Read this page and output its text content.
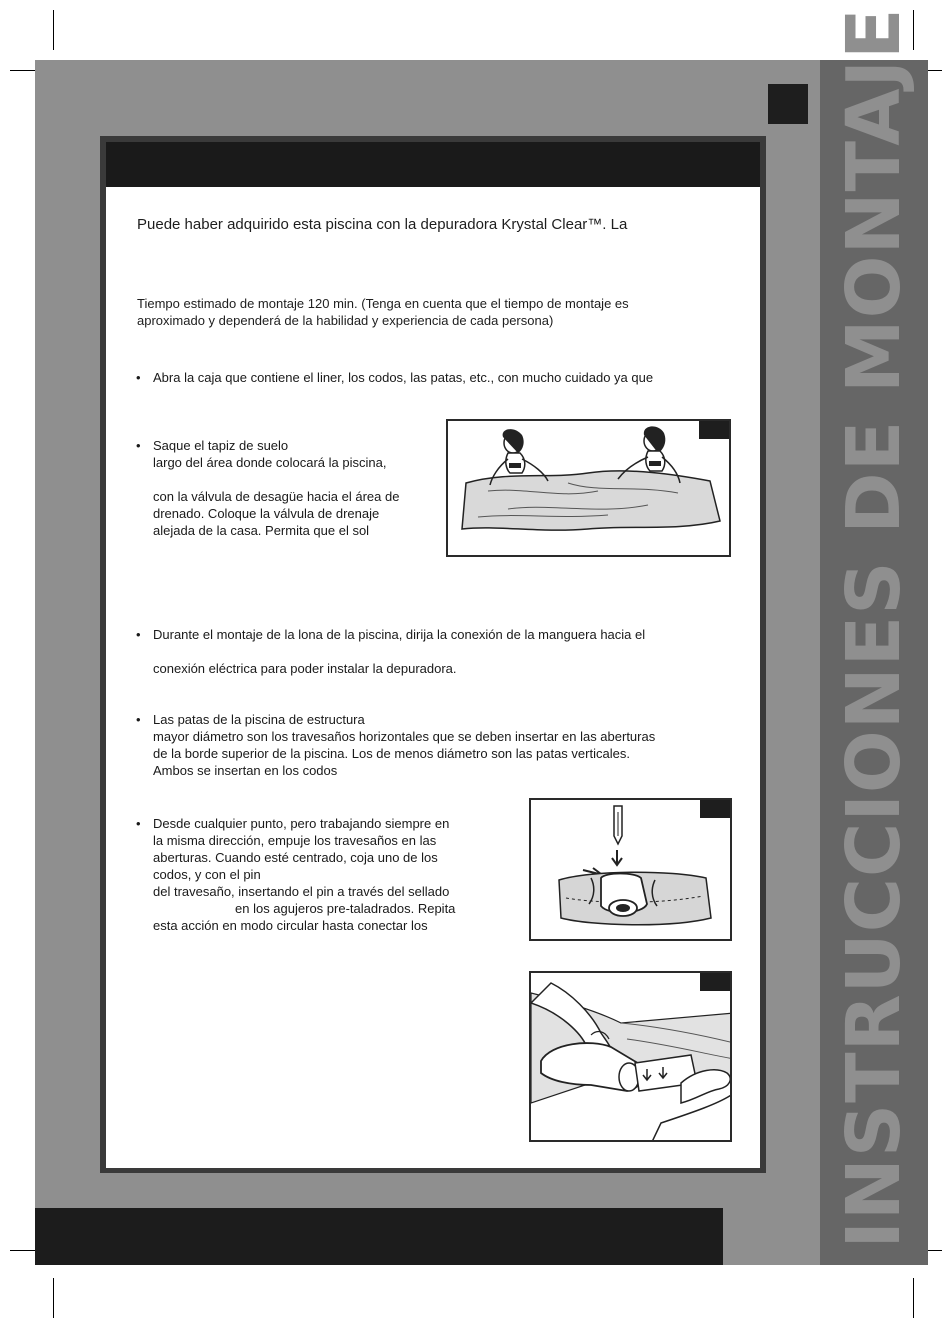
INSTRUCCIONES DE MONTAJE
Puede haber adquirido esta piscina con la depuradora Krystal Clear™. La
Tiempo estimado de montaje 120 min. (Tenga en cuenta que el tiempo de montaje es
aproximado y dependerá de la habilidad y experiencia de cada persona)
• Abra la caja que contiene el liner, los codos, las patas, etc., con mucho cuidado ya que
• Saque el tapiz de suelo
largo del área donde colocará la piscina,
con la válvula de desagüe hacia el área de
drenado. Coloque la válvula de drenaje
alejada de la casa. Permita que el sol
• Durante el montaje de la lona de la piscina, dirija la conexión de la manguera hacia el
conexión eléctrica para poder instalar la depuradora.
• Las patas de la piscina de estructura
mayor diámetro son los travesaños horizontales que se deben insertar en las aberturas
de la borde superior de la piscina. Los de menos diámetro son las patas verticales.
Ambos se insertan en los codos
• Desde cualquier punto, pero trabajando siempre en
la misma dirección, empuje los travesaños en las
aberturas. Cuando esté centrado, coja uno de los
codos, y con el pin
del travesaño, insertando el pin a través del sellado
en los agujeros pre-taladrados. Repita
esta acción en modo circular hasta conectar los
